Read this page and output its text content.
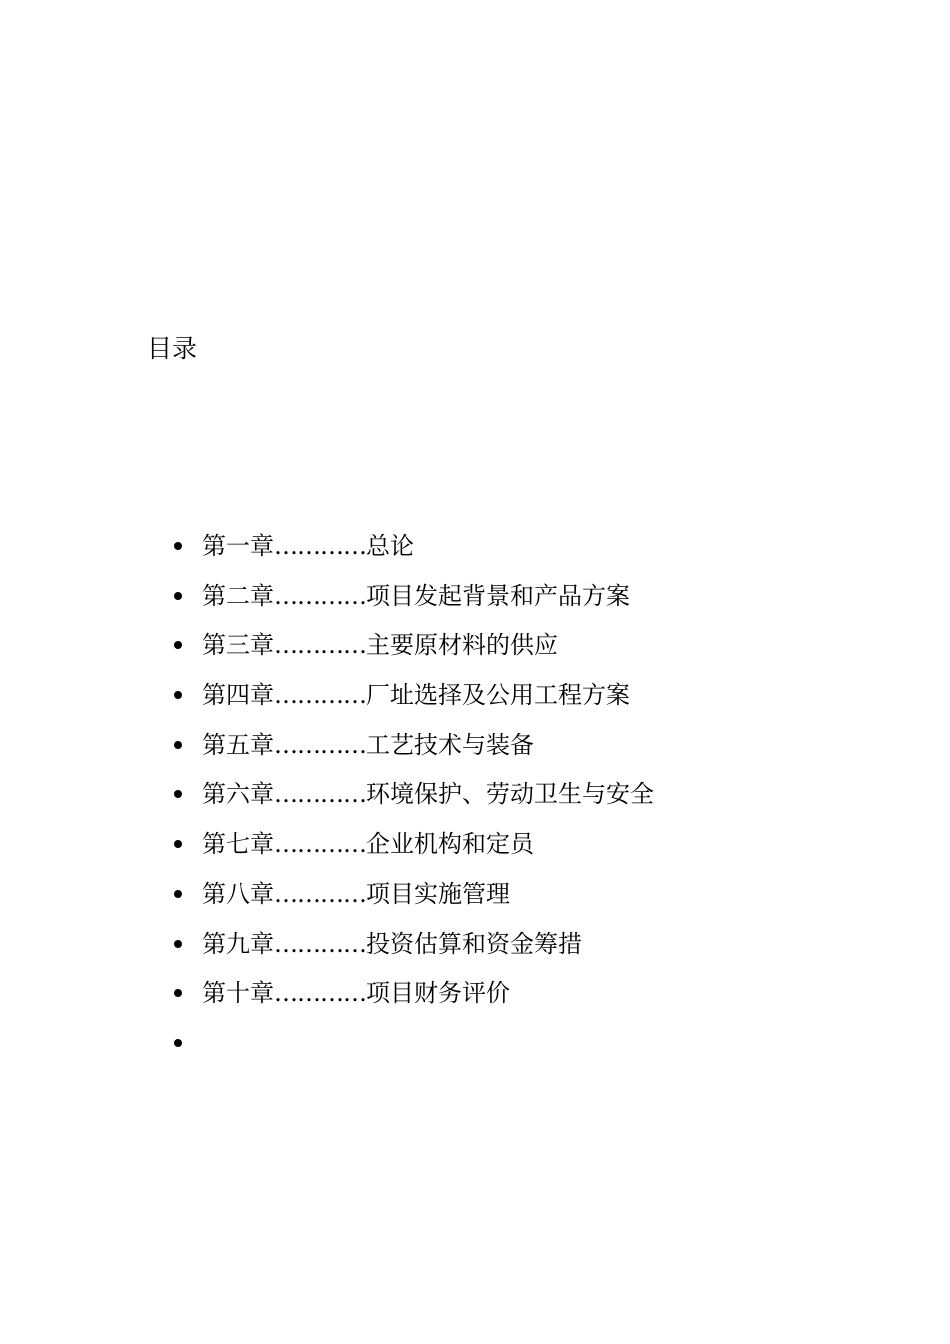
目录
第一章…………总论
第二章…………项目发起背景和产品方案
第三章…………主要原材料的供应
第四章…………厂址选择及公用工程方案
第五章…………工艺技术与装备
第六章…………环境保护、劳动卫生与安全
第七章…………企业机构和定员
第八章…………项目实施管理
第九章…………投资估算和资金筹措
第十章…………项目财务评价
